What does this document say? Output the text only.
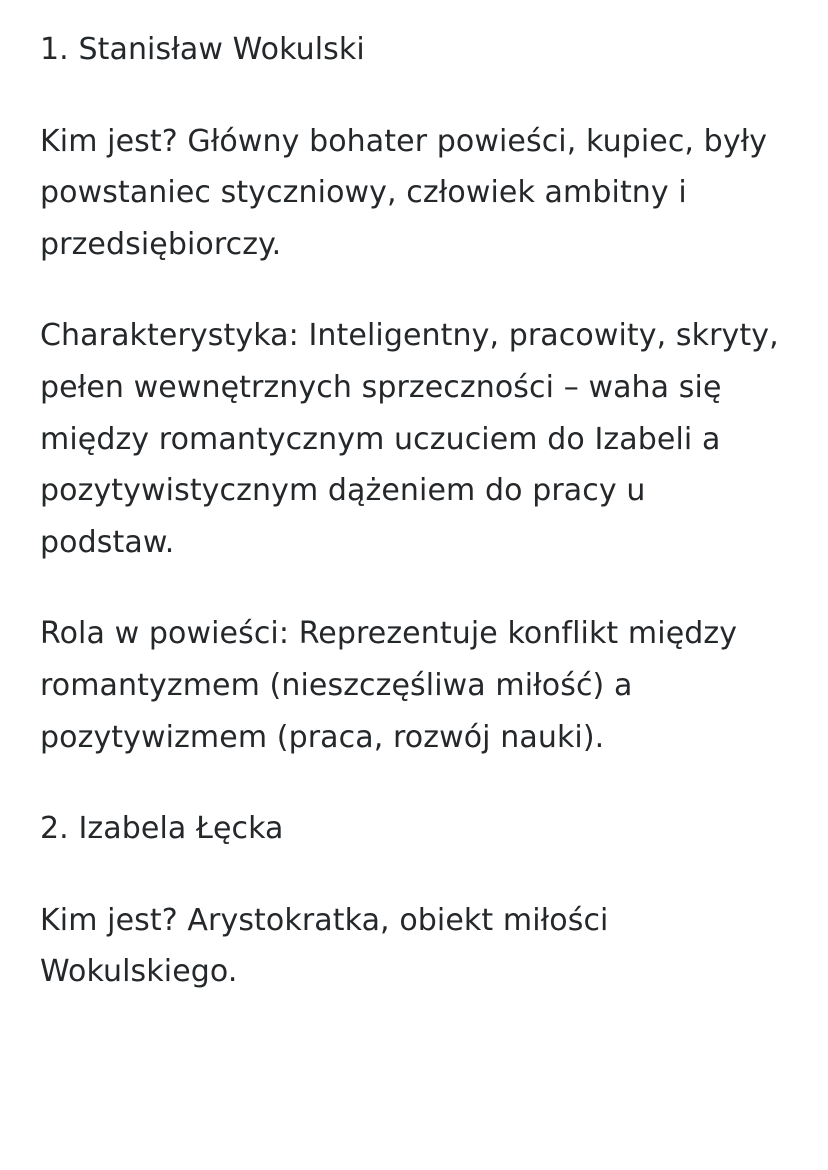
1. Stanisław Wokulski

Kim jest? Główny bohater powieści, kupiec, były powstaniec styczniowy, człowiek ambitny i przedsiębiorczy.

Charakterystyka: Inteligentny, pracowity, skryty, pełen wewnętrznych sprzeczności – waha się między romantycznym uczuciem do Izabeli a pozytywistycznym dążeniem do pracy u podstaw.

Rola w powieści: Reprezentuje konflikt między romantyzmem (nieszczęśliwa miłość) a pozytywizmem (praca, rozwój nauki).

2. Izabela Łęcka

Kim jest? Arystokratka, obiekt miłości Wokulskiego.
